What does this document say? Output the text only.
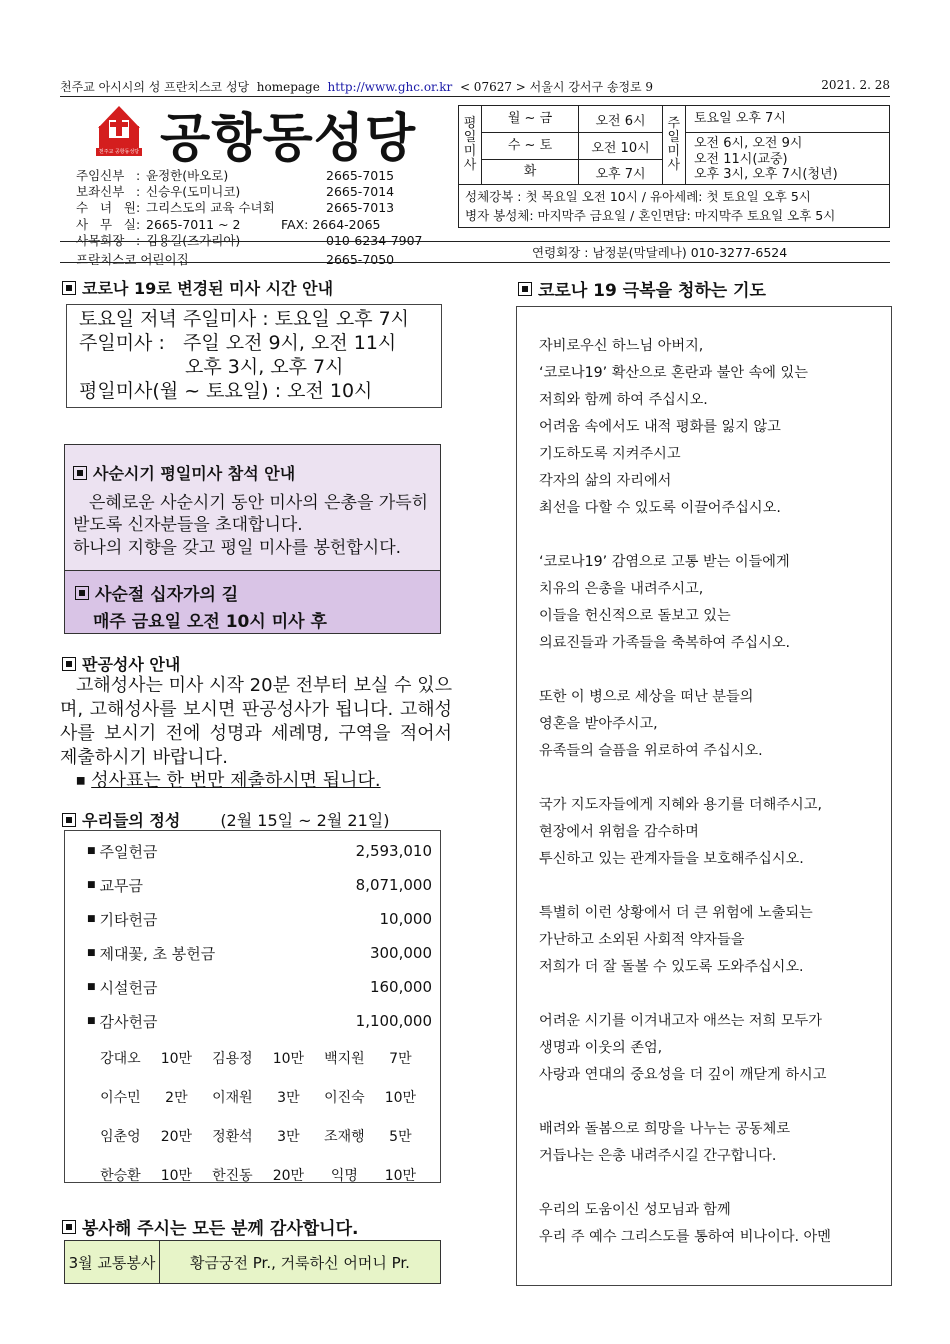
천주교 아시시의 성 프란치스코 성당 homepage http://www.ghc.or.kr < 07627 > 서울시 강서구 송정로 9	2021. 2. 28
천주교 공항동성당 공항동성당
주임신부 : 윤정한(바오로)	2665-7015
보좌신부 : 신승우(도미니코)	2665-7014
수 녀 원 : 그리스도의 교육 수녀회	2665-7013
사 무 실 : 2665-7011 ~ 2	FAX: 2664-2065
사목회장 : 김용길(즈가리아)	010-6234-7907
프란치스코 어린이집	2665-7050
평일미사
월 ~ 금	오전 6시
수 ~ 토	오전 10시
화	오후 7시
주일미사
토요일 오후 7시
오전 6시, 오전 9시
오전 11시(교중)
오후 3시, 오후 7시(청년)
성체강복 : 첫 목요일 오전 10시 / 유아세례: 첫 토요일 오후 5시
병자 봉성체: 마지막주 금요일 / 혼인면담: 마지막주 토요일 오후 5시
연령회장 : 남정분(막달레나) 010-3277-6524
코로나 19로 변경된 미사 시간 안내
토요일 저녁 주일미사 : 토요일 오후 7시
주일미사 :   주일 오전 9시, 오전 11시
오후 3시, 오후 7시
평일미사(월 ~ 토요일) : 오전 10시
사순시기 평일미사 참석 안내
은혜로운 사순시기 동안 미사의 은총을 가득히 받도록 신자분들을 초대합니다.
하나의 지향을 갖고 평일 미사를 봉헌합시다.
사순절 십자가의 길
매주 금요일 오전 10시 미사 후
판공성사 안내
고해성사는 미사 시작 20분 전부터 보실 수 있으며, 고해성사를 보시면 판공성사가 됩니다. 고해성사를 보시기 전에 성명과 세례명, 구역을 적어서 제출하시기 바랍니다.
■ 성사표는 한 번만 제출하시면 됩니다.
우리들의 정성	(2월 15일 ~ 2월 21일)
■ 주일헌금	2,593,010
■ 교무금	8,071,000
■ 기타헌금	10,000
■ 제대꽃, 초 봉헌금	300,000
■ 시설헌금	160,000
■ 감사헌금	1,100,000
강대오	10만	김용정	10만	백지원	7만
이수민	2만	이재원	3만	이진숙	10만
임춘엉	20만	정환석	3만	조재행	5만
한승환	10만	한진동	20만	익명	10만
봉사해 주시는 모든 분께 감사합니다.
3월 교통봉사	황금궁전 Pr., 거룩하신 어머니 Pr.
코로나 19 극복을 청하는 기도

자비로우신 하느님 아버지,

‘코로나19’ 확산으로 혼란과 불안 속에 있는

저희와 함께 하여 주십시오.

어려움 속에서도 내적 평화를 잃지 않고

기도하도록 지켜주시고

각자의 삶의 자리에서

최선을 다할 수 있도록 이끌어주십시오.

‘코로나19’ 감염으로 고통 받는 이들에게

치유의 은총을 내려주시고,

이들을 헌신적으로 돌보고 있는

의료진들과 가족들을 축복하여 주십시오.

또한 이 병으로 세상을 떠난 분들의

영혼을 받아주시고,

유족들의 슬픔을 위로하여 주십시오.

국가 지도자들에게 지혜와 용기를 더해주시고,

현장에서 위험을 감수하며

투신하고 있는 관계자들을 보호해주십시오.

특별히 이런 상황에서 더 큰 위험에 노출되는

가난하고 소외된 사회적 약자들을

저희가 더 잘 돌볼 수 있도록 도와주십시오.

어려운 시기를 이겨내고자 애쓰는 저희 모두가

생명과 이웃의 존엄,

사랑과 연대의 중요성을 더 깊이 깨닫게 하시고

배려와 돌봄으로 희망을 나누는 공동체로

거듭나는 은총 내려주시길 간구합니다.

우리의 도움이신 성모님과 함께

우리 주 예수 그리스도를 통하여 비나이다. 아멘
